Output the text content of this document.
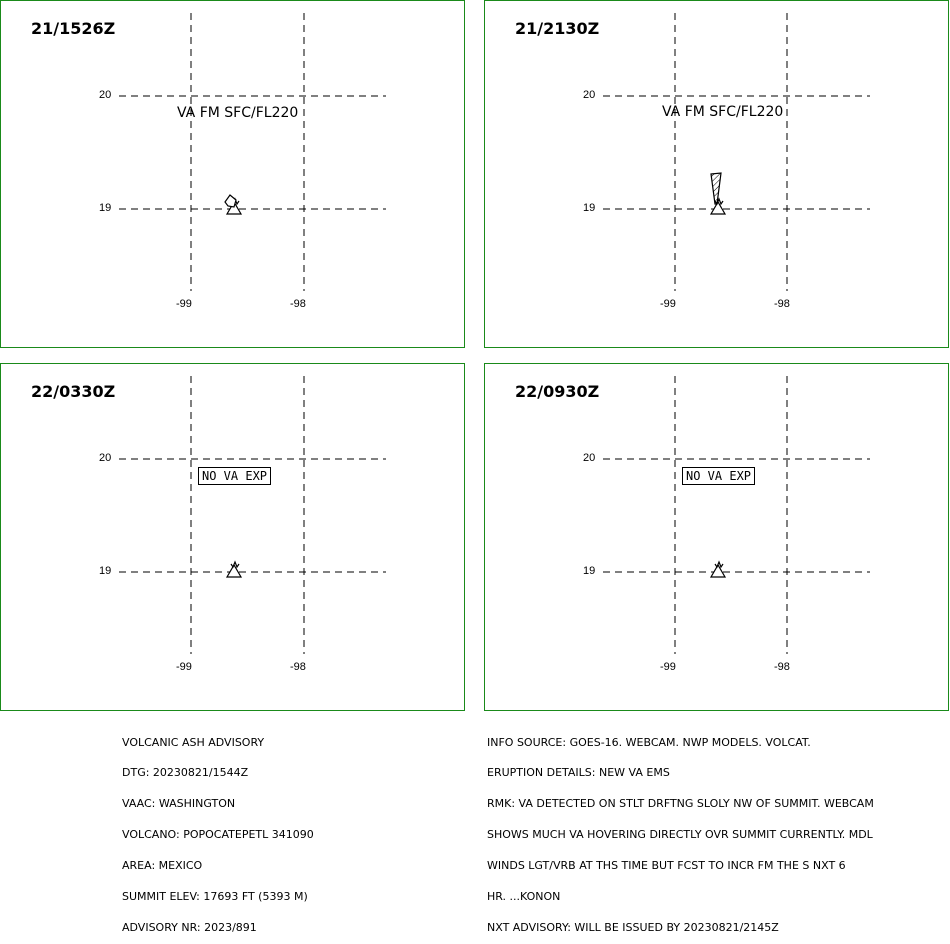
21/1526Z
20
19
-99	-98
VA FM SFC/FL220
21/2130Z
20
19
-99	-98
VA FM SFC/FL220
22/0330Z
20
19
-99	-98
NO VA EXP
22/0930Z
20
19
-99	-98
NO VA EXP

VOLCANIC ASH ADVISORY

DTG: 20230821/1544Z

VAAC: WASHINGTON

VOLCANO: POPOCATEPETL 341090

AREA: MEXICO

SUMMIT ELEV: 17693 FT (5393 M)

ADVISORY NR: 2023/891

INFO SOURCE: GOES-16. WEBCAM. NWP MODELS. VOLCAT.

ERUPTION DETAILS: NEW VA EMS

RMK: VA DETECTED ON STLT DRFTNG SLOLY NW OF SUMMIT. WEBCAM

SHOWS MUCH VA HOVERING DIRECTLY OVR SUMMIT CURRENTLY. MDL

WINDS LGT/VRB AT THS TIME BUT FCST TO INCR FM THE S NXT 6

HR. ...KONON

NXT ADVISORY: WILL BE ISSUED BY 20230821/2145Z
